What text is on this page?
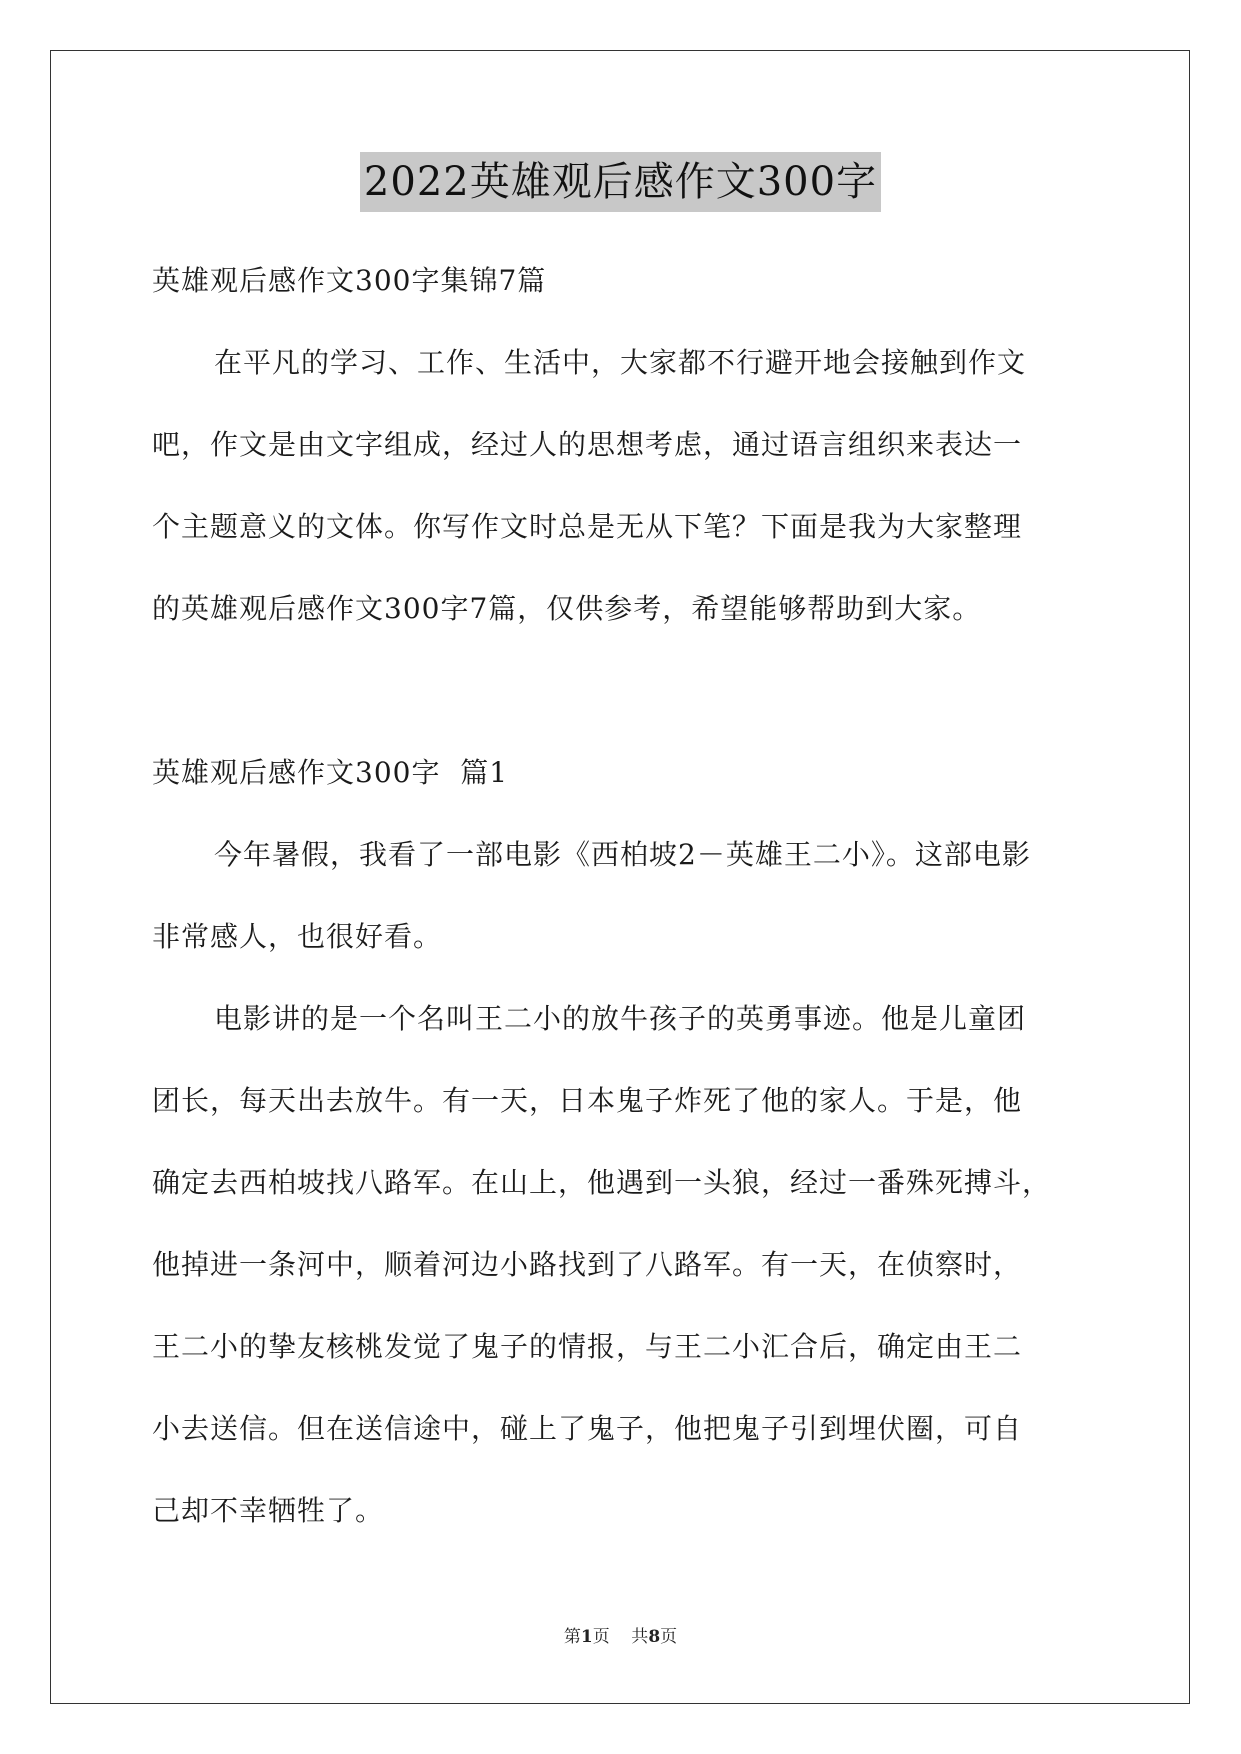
2022英雄观后感作文300字
英雄观后感作文300字集锦7篇
在平凡的学习、工作、生活中，大家都不行避开地会接触到作文
吧，作文是由文字组成，经过人的思想考虑，通过语言组织来表达一
个主题意义的文体。你写作文时总是无从下笔？下面是我为大家整理
的英雄观后感作文300字7篇，仅供参考，希望能够帮助到大家。
英雄观后感作文300字  篇1
今年暑假，我看了一部电影《西柏坡2－英雄王二小》。这部电影
非常感人，也很好看。
电影讲的是一个名叫王二小的放牛孩子的英勇事迹。他是儿童团
团长，每天出去放牛。有一天，日本鬼子炸死了他的家人。于是，他
确定去西柏坡找八路军。在山上，他遇到一头狼，经过一番殊死搏斗，
他掉进一条河中，顺着河边小路找到了八路军。有一天，在侦察时，
王二小的挚友核桃发觉了鬼子的情报，与王二小汇合后，确定由王二
小去送信。但在送信途中，碰上了鬼子，他把鬼子引到埋伏圈，可自
己却不幸牺牲了。
第1页    共8页
